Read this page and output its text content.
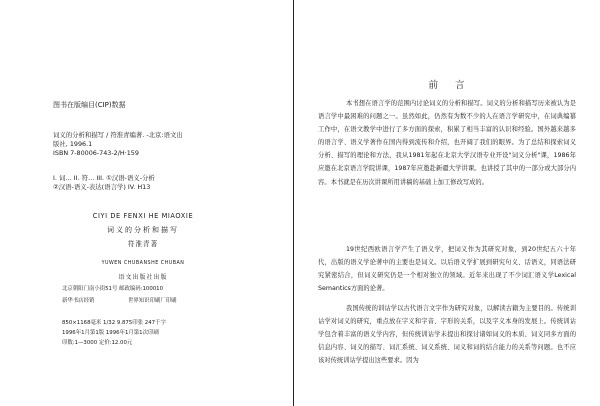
图书在版编目(CIP)数据
词义的分析和描写 / 符淮青编著. -北京:语文出
版社, 1996.1
ISBN 7-80006-743-2/H·159
I. 词… II. 符… III. ①汉语-语义-分析
②汉语-语义-表达(语言学) IV. H13
CIYI DE FENXI HE MIAOXIE
词义的分析和描写
符淮青著
YUWEN CHUBANSHE CHUBAN
语文出版社出版
北京朝阳门南小街51号 邮政编码:100010
新华书店经销	世界知识印刷厂印刷
850×1168毫米 1/32 9.875印张 247千字
1996年1月第1版 1996年1月第1次印刷
印数:1—3000 定价:12.00元
前 言
本书想在语言学的范围内讨论词义的分析和描写。词义的分析和描写历来被认为是语言学中最困难的问题之一。虽然如此，仍然有为数不少的人在语言学研究中，在词典编纂工作中，在语文教学中进行了多方面的探索，积累了相当丰富的认识和经验。国外越来越多的语言学、语义学著作在国内得到流传和介绍，也开阔了我们的眼界。为了总结和探索词义分析、描写的理论和方法，我从1981年起在北京大学汉语专业开设"词义分析"课，1986年应邀在北京语言学院讲课，1987年应邀赴新疆大学讲课。也讲授了其中的一部分或大部分内容。本书就是在历次讲课所用讲稿的基础上加工修改写成的。
19世纪西欧语言学产生了语义学，把词义作为其研究对象，到20世纪五六十年代，出版的语义学论著中的主要也是词义。以后语义学扩展到研究句义、话语义，同语法研究紧密结合，但词义研究仍是一个相对独立的领域。近年来出现了不少词汇语义学Lexical Semantics方面的论著。
我国传统的训诂学以古代语言文字作为研究对象，以解读古籍为主要目的。传统训诂学对词义的研究，重点放在字义和字音、字形的关系，以及字义本身的发展上。传统训诂学包含着丰富的语义学内容，但传统训诂学未提出和探讨诸如词义的本质、词义同多方面的信息内容、词义的描写、词汇系统、词义系统、词义和词的结合能力的关系等问题。也不应该对传统训诂学提出这些要求。因为
